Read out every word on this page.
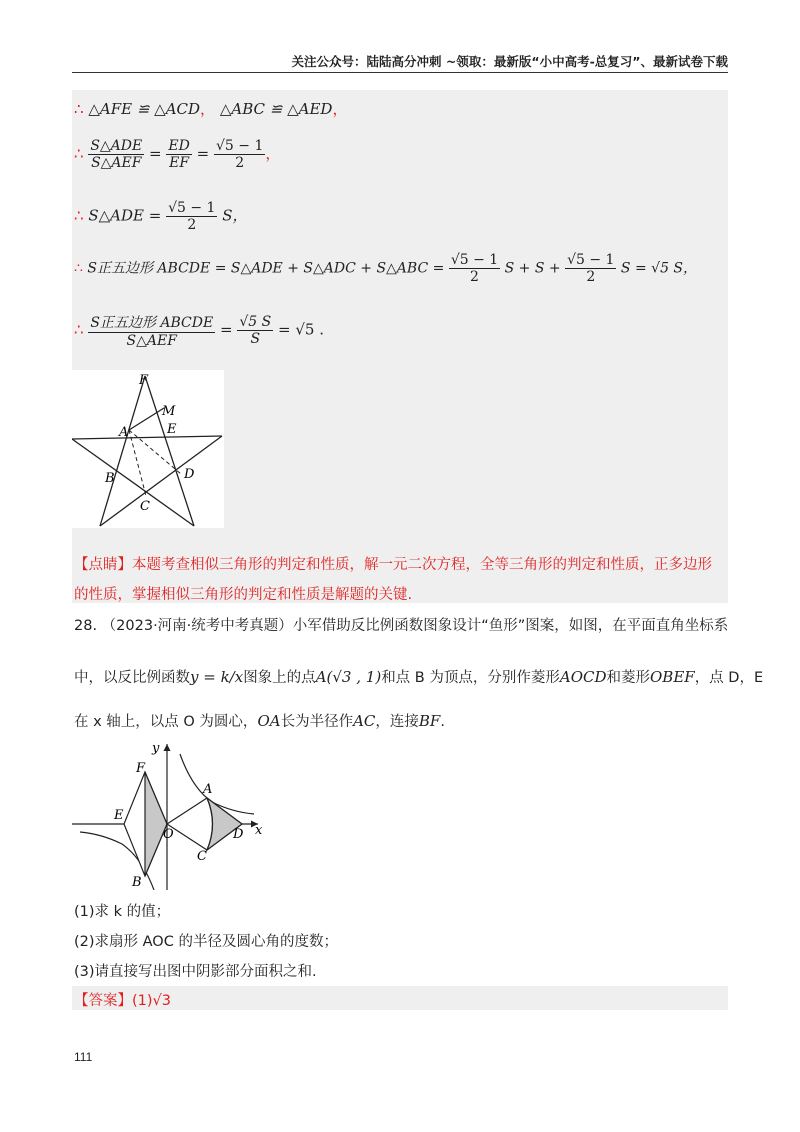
关注公众号：陆陆高分冲刺 ~领取：最新版“小中高考-总复习”、最新试卷下载
∴ △AFE ≌ △ACD， △ABC ≌ △AED，
∴ $\frac{\text{S△ADE}}{\text{S△AEF}} = \frac{ED}{EF} = \frac{√5 - 1}{2}$ ，
∴ S△ADE = $\frac{√5 - 1}{2}$ S，
∴ S正五边形 ABCDE = S△ADE + S△ADC + S△ABC = $\frac{√5 - 1}{2}$ $S + S + \frac{√5 - 1}{2}$ S = √5 S，
∴ $\frac{\text{S正五边形 ABCDE}}{\text{S△AEF}} = \frac{√5 S}{S} = √5$ .
F
M
A	E
B	D
C
【点睛】本题考查相似三角形的判定和性质，解一元二次方程，全等三角形的判定和性质，正多边形的性质，掌握相似三角形的判定和性质是解题的关键.
28. （2023·河南·统考中考真题）小军借助反比例函数图象设计“鱼形”图案，如图，在平面直角坐标系
中，以反比例函数y = k/x图象上的点A(√3 , 1)和点 B 为顶点，分别作菱形AOCD和菱形OBEF，点 D，E
在 x 轴上，以点 O 为圆心，OA长为半径作AC，连接BF.
y
F
A
E
O	D x
C
B
(1)求 k 的值；
(2)求扇形 AOC 的半径及圆心角的度数；
(3)请直接写出图中阴影部分面积之和.
【答案】(1)√3
111
